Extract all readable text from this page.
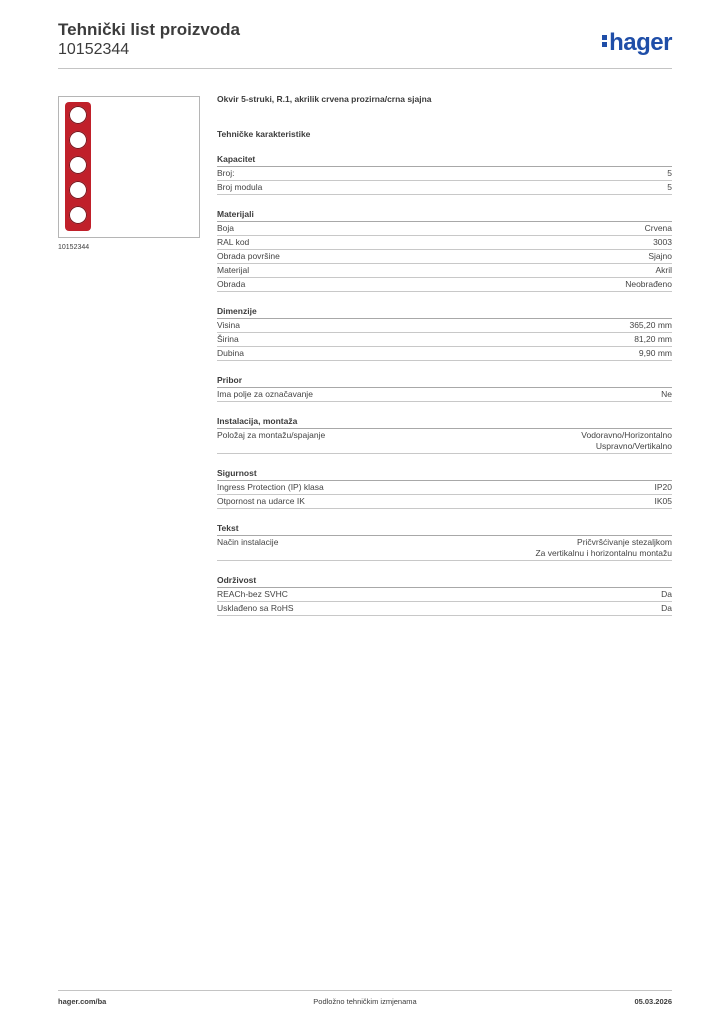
Tehnički list proizvoda
10152344	hager
10152344
Okvir 5-struki, R.1, akrilik crvena prozirna/crna sjajna
Tehničke karakteristike
Kapacitet
Broj:	5
Broj modula	5
Materijali
Boja	Crvena
RAL kod	3003
Obrada površine	Sjajno
Materijal	Akril
Obrada	Neobrađeno
Dimenzije
Visina	365,20 mm
Širina	81,20 mm
Dubina	9,90 mm
Pribor
Ima polje za označavanje	Ne
Instalacija, montaža
Položaj za montažu/spajanje	Vodoravno/Horizontalno
Uspravno/Vertikalno
Sigurnost
Ingress Protection (IP) klasa	IP20
Otpornost na udarce IK	IK05
Tekst
Način instalacije	Pričvršćivanje stezaljkom
Za vertikalnu i horizontalnu montažu
Održivost
REACh-bez SVHC	Da
Usklađeno sa RoHS	Da
hager.com/ba	Podložno tehničkim izmjenama	05.03.2026
